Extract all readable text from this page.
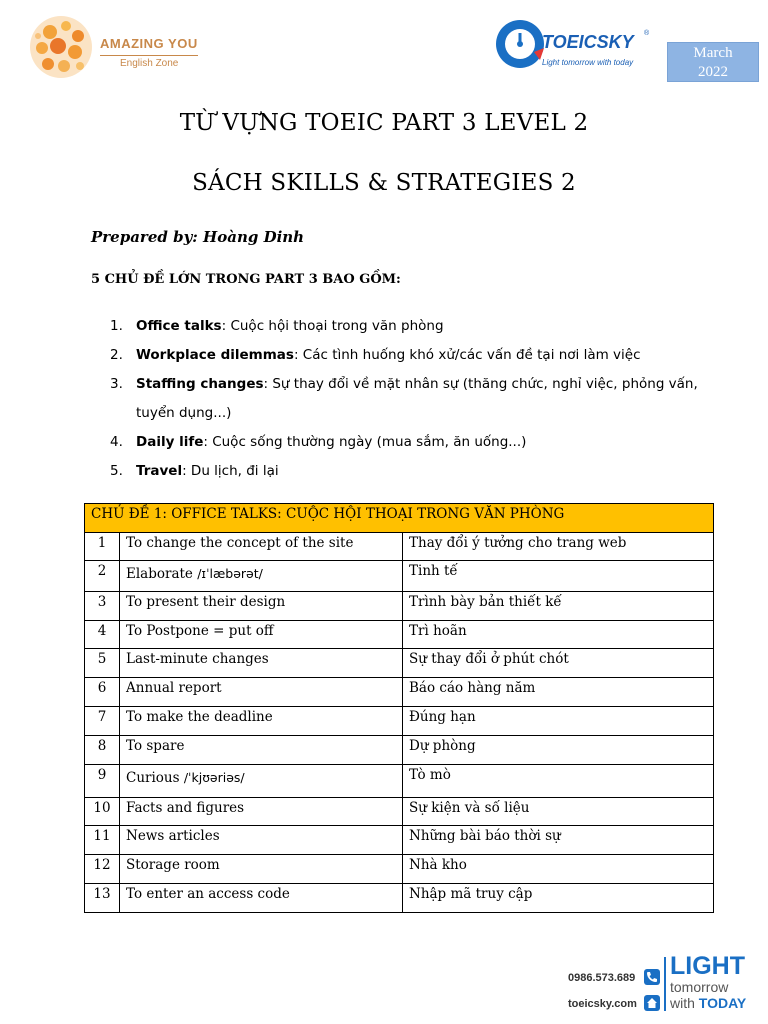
AMAZING YOU
English Zone
TOEICSKY ®
Light tomorrow with today
March
2022
TỪ VỰNG TOEIC PART 3 LEVEL 2
SÁCH SKILLS & STRATEGIES 2
Prepared by: Hoàng Dinh
5 CHỦ ĐỀ LỚN TRONG PART 3 BAO GỒM:
1. Office talks: Cuộc hội thoại trong văn phòng
2. Workplace dilemmas: Các tình huống khó xử/các vấn đề tại nơi làm việc
3. Staffing changes: Sự thay đổi về mặt nhân sự (thăng chức, nghỉ việc, phỏng vấn, tuyển dụng...)
4. Daily life: Cuộc sống thường ngày (mua sắm, ăn uống...)
5. Travel: Du lịch, đi lại
CHỦ ĐỀ 1: OFFICE TALKS: CUỘC HỘI THOẠI TRONG VĂN PHÒNG		
1	To change the concept of the site	Thay đổi ý tưởng cho trang web
2	Elaborate /ɪˈlæbərət/	Tinh tế
3	To present their design	Trình bày bản thiết kế
4	To Postpone = put off	Trì hoãn
5	Last-minute changes	Sự thay đổi ở phút chót
6	Annual report	Báo cáo hàng năm
7	To make the deadline	Đúng hạn
8	To spare	Dự phòng
9	Curious /ˈkjʊəriəs/	Tò mò
10	Facts and figures	Sự kiện và số liệu
11	News articles	Những bài báo thời sự
12	Storage room	Nhà kho
13	To enter an access code	Nhập mã truy cập
0986.573.689
toeicsky.com
LIGHT
tomorrow
with TODAY
